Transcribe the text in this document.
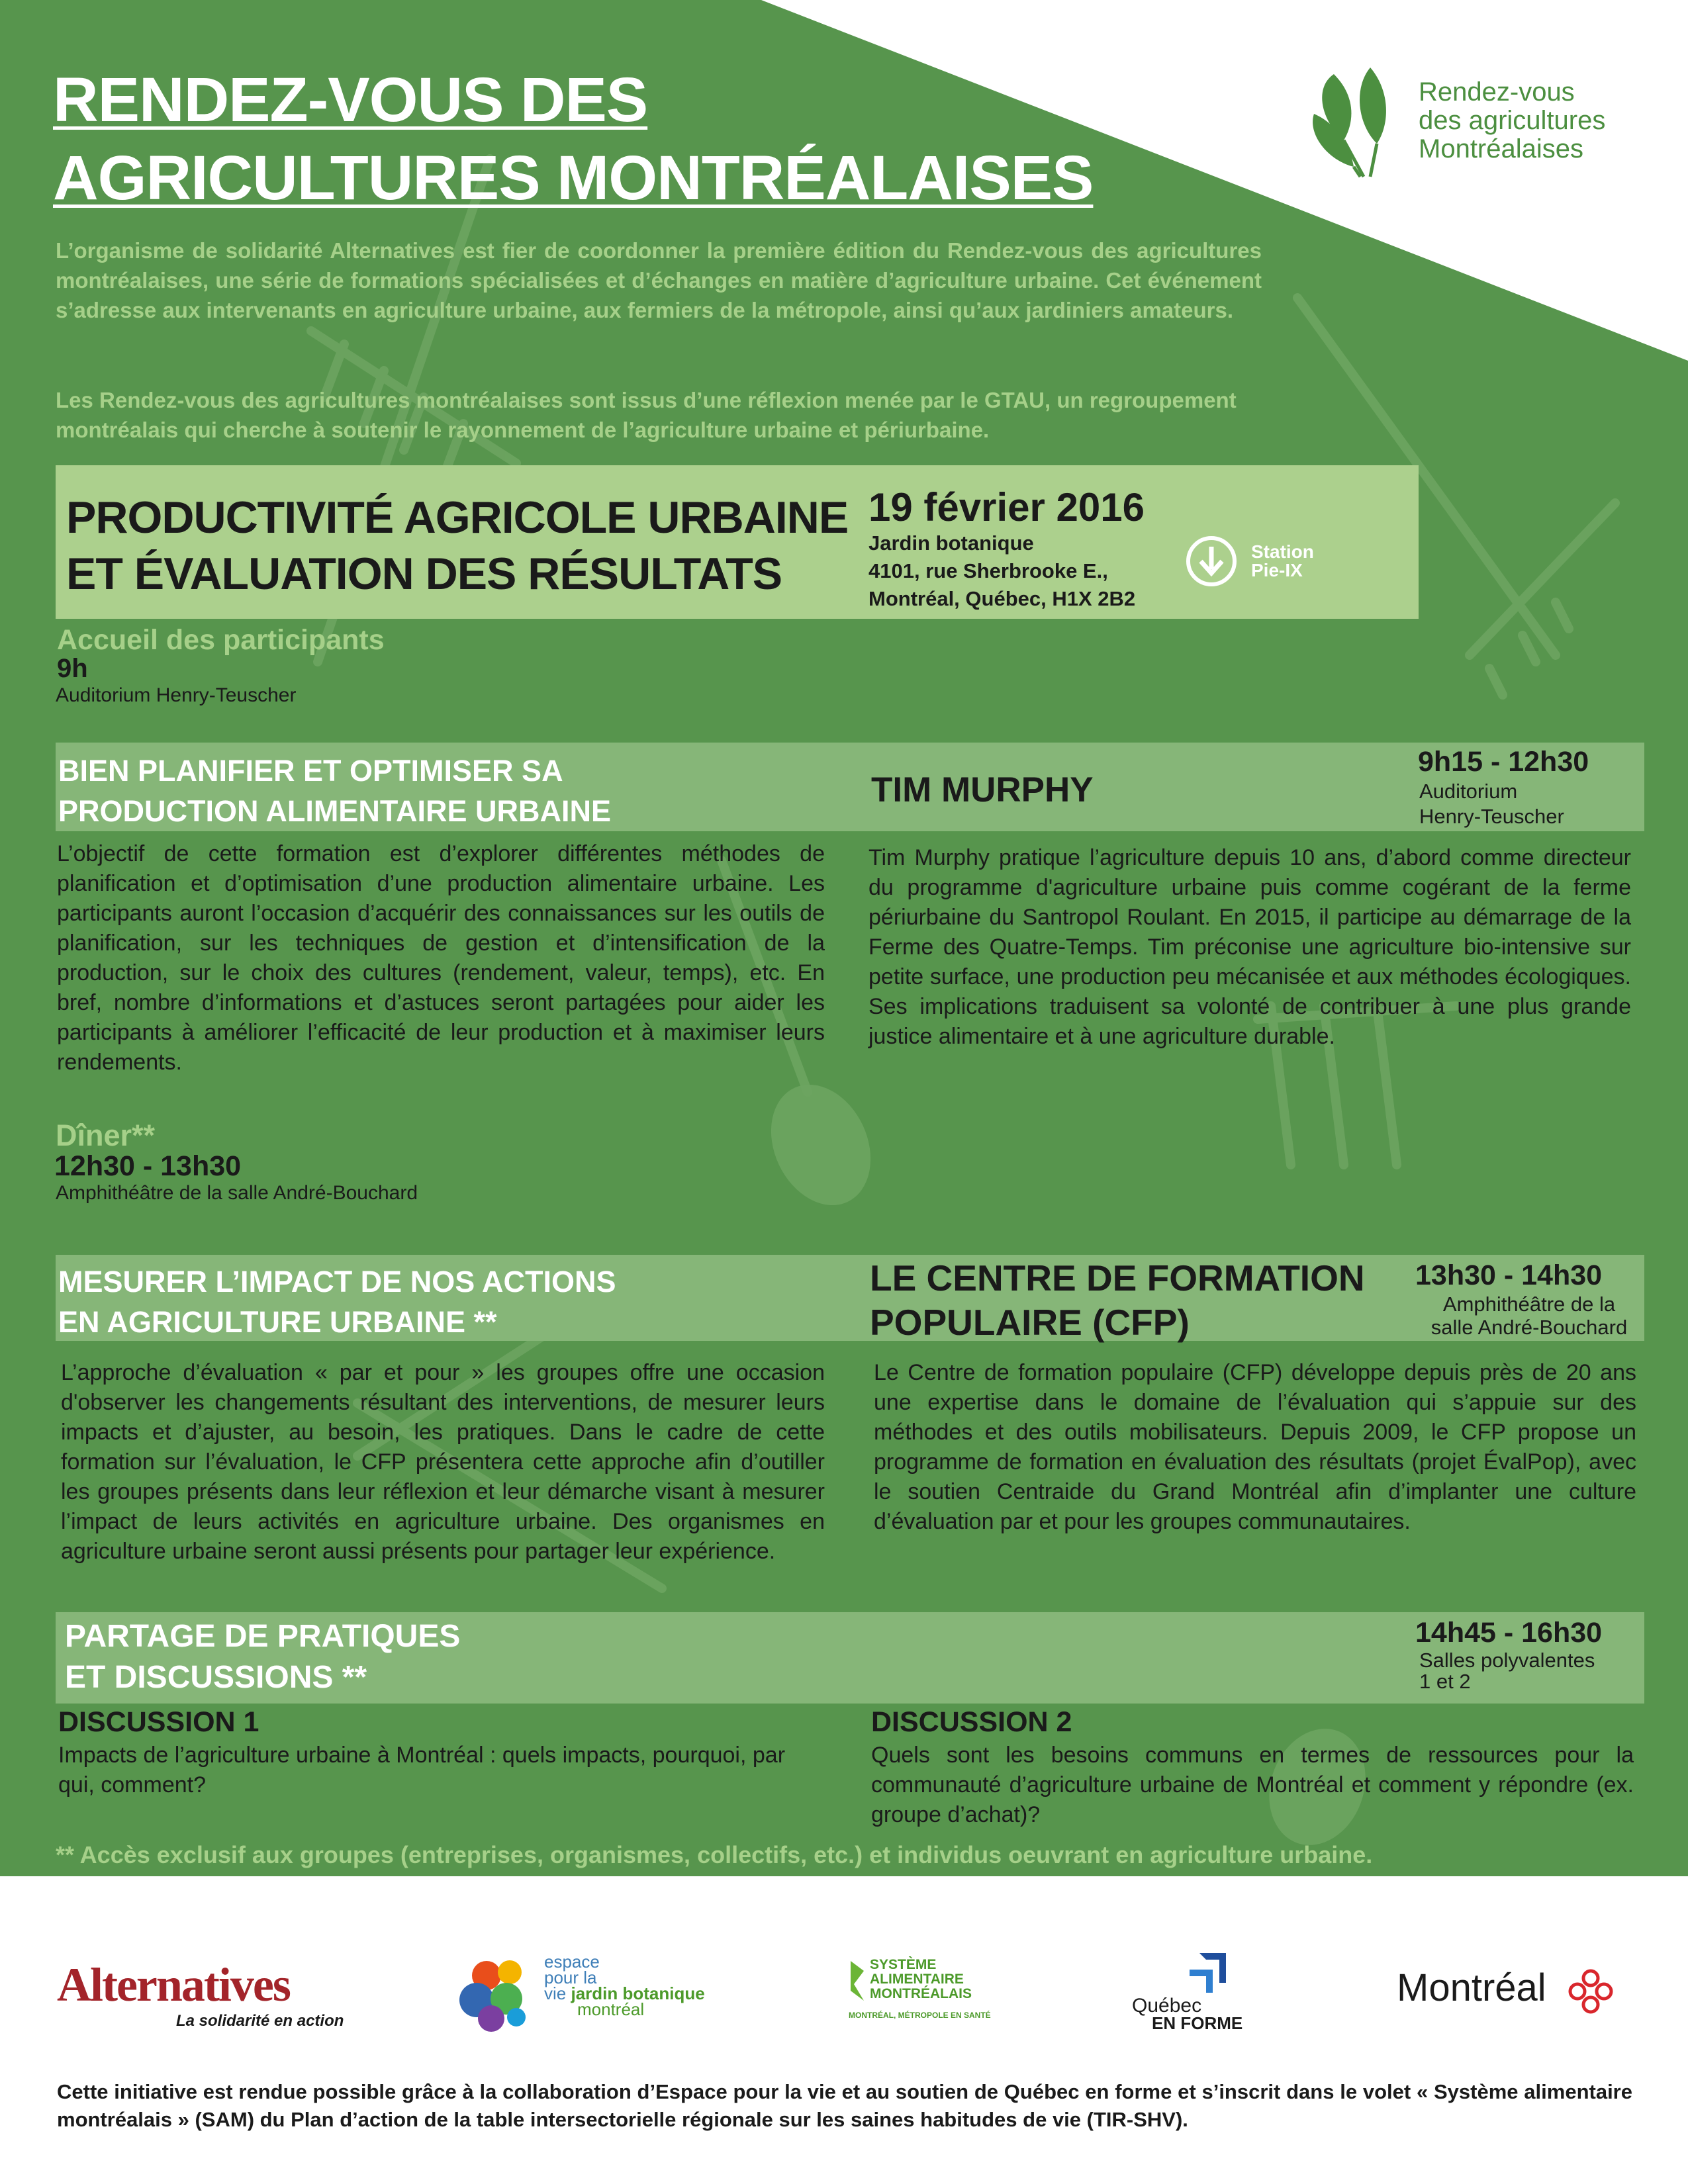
RENDEZ-VOUS DES
AGRICULTURES MONTRÉALAISES
Rendez-vous
des agricultures
Montréalaises
L’organisme de solidarité Alternatives est fier de coordonner la première édition du Rendez-vous des agricultures montréalaises, une série de formations spécialisées et d’échanges en matière d’agriculture urbaine. Cet événement s’adresse aux intervenants en agriculture urbaine, aux fermiers de la métropole, ainsi qu’aux jardiniers amateurs.
Les Rendez-vous des agricultures montréalaises sont issus d’une réflexion menée par le GTAU, un regroupement montréalais qui cherche à soutenir le rayonnement de l’agriculture urbaine et périurbaine.
PRODUCTIVITÉ AGRICOLE URBAINE
ET ÉVALUATION DES RÉSULTATS
19 février 2016
Jardin botanique
4101, rue Sherbrooke E.,
Montréal, Québec, H1X 2B2
Station
Pie-IX
Accueil des participants
9h
Auditorium Henry-Teuscher
BIEN PLANIFIER ET OPTIMISER SA
PRODUCTION ALIMENTAIRE URBAINE
TIM MURPHY
9h15 - 12h30
Auditorium
Henry-Teuscher
L’objectif de cette formation est d’explorer différentes méthodes de planification et d’optimisation d’une production alimentaire urbaine. Les participants auront l’occasion d’acquérir des connaissances sur les outils de planification, sur les techniques de gestion et d’intensification de la production, sur le choix des cultures (rendement, valeur, temps), etc. En bref, nombre d’informations et d’astuces seront partagées pour aider les participants à améliorer l’efficacité de leur production et à maximiser leurs rendements.
Tim Murphy pratique l’agriculture depuis 10 ans, d’abord comme directeur du programme d'agriculture urbaine puis comme cogérant de la ferme périurbaine du Santropol Roulant. En 2015, il participe au démarrage de la Ferme des Quatre-Temps. Tim préconise une agriculture bio-intensive sur petite surface, une production peu mécanisée et aux méthodes écologiques. Ses implications traduisent sa volonté de contribuer à une plus grande justice alimentaire et à une agriculture durable.
Dîner**
12h30 - 13h30
Amphithéâtre de la salle André-Bouchard
MESURER L’IMPACT DE NOS ACTIONS
EN AGRICULTURE URBAINE **
LE CENTRE DE FORMATION
POPULAIRE (CFP)
13h30 - 14h30
Amphithéâtre de la
salle André-Bouchard
L’approche d’évaluation « par et pour » les groupes offre une occasion d'observer les changements résultant des interventions, de mesurer leurs impacts et d’ajuster, au besoin, les pratiques. Dans le cadre de cette formation sur l’évaluation, le CFP présentera cette approche afin d’outiller les groupes présents dans leur réflexion et leur démarche visant à mesurer l’impact de leurs activités en agriculture urbaine. Des organismes en agriculture urbaine seront aussi présents pour partager leur expérience.
Le Centre de formation populaire (CFP) développe depuis près de 20 ans une expertise dans le domaine de l’évaluation qui s’appuie sur des méthodes et des outils mobilisateurs. Depuis 2009, le CFP propose un programme de formation en évaluation des résultats (projet ÉvalPop), avec le soutien Centraide du Grand Montréal afin d’implanter une culture d’évaluation par et pour les groupes communautaires.
PARTAGE DE PRATIQUES
ET DISCUSSIONS **
14h45 - 16h30
Salles polyvalentes
1 et 2
DISCUSSION 1
Impacts de l’agriculture urbaine à Montréal : quels impacts, pourquoi, par qui, comment?
DISCUSSION 2
Quels sont les besoins communs en termes de ressources pour la communauté d’agriculture urbaine de Montréal et comment y répondre (ex. groupe d’achat)?
** Accès exclusif aux groupes (entreprises, organismes, collectifs, etc.) et individus oeuvrant en agriculture urbaine.
Alternatives
La solidarité en action
espace
pour la
vie jardin botanique
montréal
SYSTÈME
ALIMENTAIRE
MONTRÉALAIS
MONTRÉAL, MÉTROPOLE EN SANTÉ	Québec
EN FORME
Montréal
Cette initiative est rendue possible grâce à la collaboration d’Espace pour la vie et au soutien de Québec en forme et s’inscrit dans le volet « Système alimentaire montréalais » (SAM) du Plan d’action de la table intersectorielle régionale sur les saines habitudes de vie (TIR-SHV).
